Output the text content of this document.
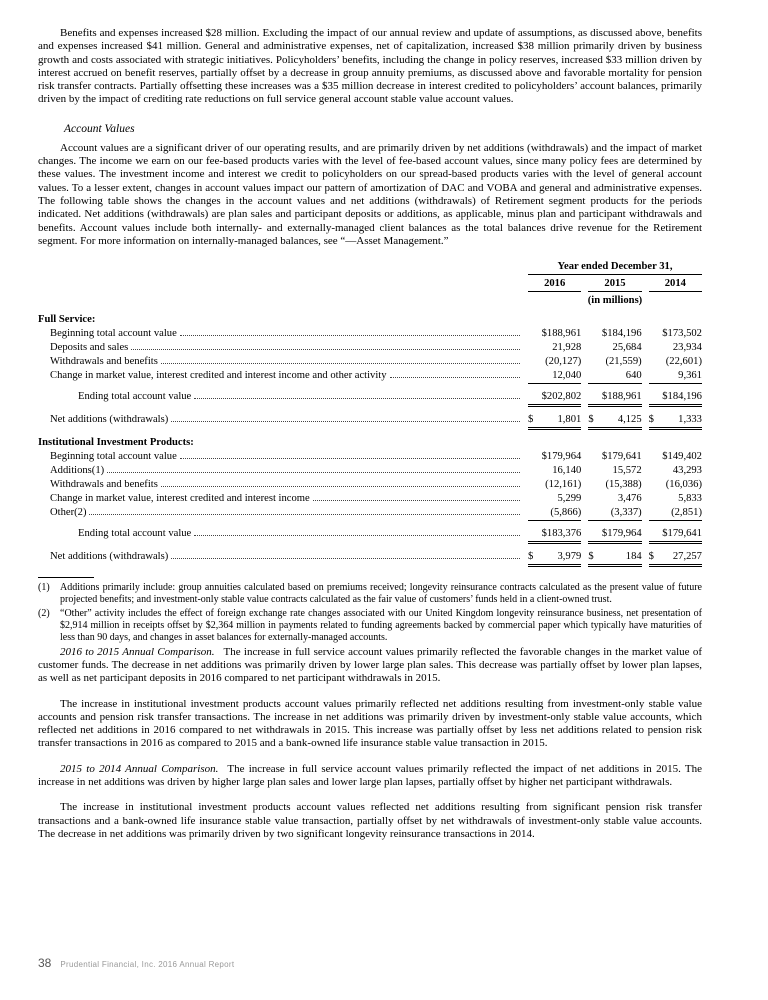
Benefits and expenses increased $28 million. Excluding the impact of our annual review and update of assumptions, as discussed above, benefits and expenses increased $41 million. General and administrative expenses, net of capitalization, increased $38 million primarily driven by business growth and costs associated with strategic initiatives. Policyholders’ benefits, including the change in policy reserves, increased $33 million driven by interest accrued on benefit reserves, partially offset by a decrease in group annuity premiums, as discussed above and favorable mortality for pension risk transfer contracts. Partially offsetting these increases was a $35 million decrease in interest credited to policyholders’ account balances, primarily driven by the impact of crediting rate reductions on full service general account stable value account values.

Account Values

Account values are a significant driver of our operating results, and are primarily driven by net additions (withdrawals) and the impact of market changes. The income we earn on our fee-based products varies with the level of fee-based account values, since many policy fees are determined by these values. The investment income and interest we credit to policyholders on our spread-based products varies with the level of general account values. To a lesser extent, changes in account values impact our pattern of amortization of DAC and VOBA and general and administrative expenses. The following table shows the changes in the account values and net additions (withdrawals) of Retirement segment products for the periods indicated. Net additions (withdrawals) are plan sales and participant deposits or additions, as applicable, minus plan and participant withdrawals and benefits. Account values include both internally- and externally-managed client balances as the total balances drive revenue for the Retirement segment. For more information on internally-managed balances, see “—Asset Management.”

Year ended December 31,
2016	2015	2014
(in millions)
Full Service:
Beginning total account value	$188,961	$184,196	$173,502
Deposits and sales	21,928	25,684	23,934
Withdrawals and benefits	(20,127)	(21,559)	(22,601)
Change in market value, interest credited and interest income and other activity	12,040	640	9,361
Ending total account value	$202,802	$188,961	$184,196
Net additions (withdrawals)	$ 1,801 $ 4,125 $ 1,333
Institutional Investment Products:
Beginning total account value	$179,964	$179,641	$149,402
Additions(1)	16,140	15,572	43,293
Withdrawals and benefits	(12,161)	(15,388)	(16,036)
Change in market value, interest credited and interest income	5,299	3,476	5,833
Other(2)	(5,866)	(3,337)	(2,851)
Ending total account value	$183,376	$179,964	$179,641
Net additions (withdrawals)	$ 3,979 $	184 $ 27,257
(1)	Additions primarily include: group annuities calculated based on premiums received; longevity reinsurance contracts calculated as the present value of future projected benefits; and investment-only stable value contracts calculated as the fair value of customers’ funds held in a client-owned trust.
(2)	“Other” activity includes the effect of foreign exchange rate changes associated with our United Kingdom longevity reinsurance business, net presentation of $2,914 million in receipts offset by $2,364 million in payments related to funding agreements backed by commercial paper which typically have maturities of less than 90 days, and changes in asset balances for externally-managed accounts.

2016 to 2015 Annual Comparison. The increase in full service account values primarily reflected the favorable changes in the market value of customer funds. The decrease in net additions was primarily driven by lower large plan sales. This decrease was partially offset by lower plan lapses, as well as net participant deposits in 2016 compared to net participant withdrawals in 2015.

The increase in institutional investment products account values primarily reflected net additions resulting from investment-only stable value accounts and pension risk transfer transactions. The increase in net additions was primarily driven by investment-only stable value accounts, which reflected net additions in 2016 compared to net withdrawals in 2015. This increase was partially offset by less net additions related to pension risk transfer transactions in 2016 as compared to 2015 and a bank-owned life insurance stable value transaction in 2015.

2015 to 2014 Annual Comparison. The increase in full service account values primarily reflected the impact of net additions in 2015. The increase in net additions was driven by higher large plan sales and lower large plan lapses, partially offset by higher net participant withdrawals.

The increase in institutional investment products account values reflected net additions resulting from significant pension risk transfer transactions and a bank-owned life insurance stable value transaction, partially offset by net withdrawals of investment-only stable value accounts. The decrease in net additions was primarily driven by two significant longevity reinsurance transactions in 2014.

38 Prudential Financial, Inc. 2016 Annual Report
